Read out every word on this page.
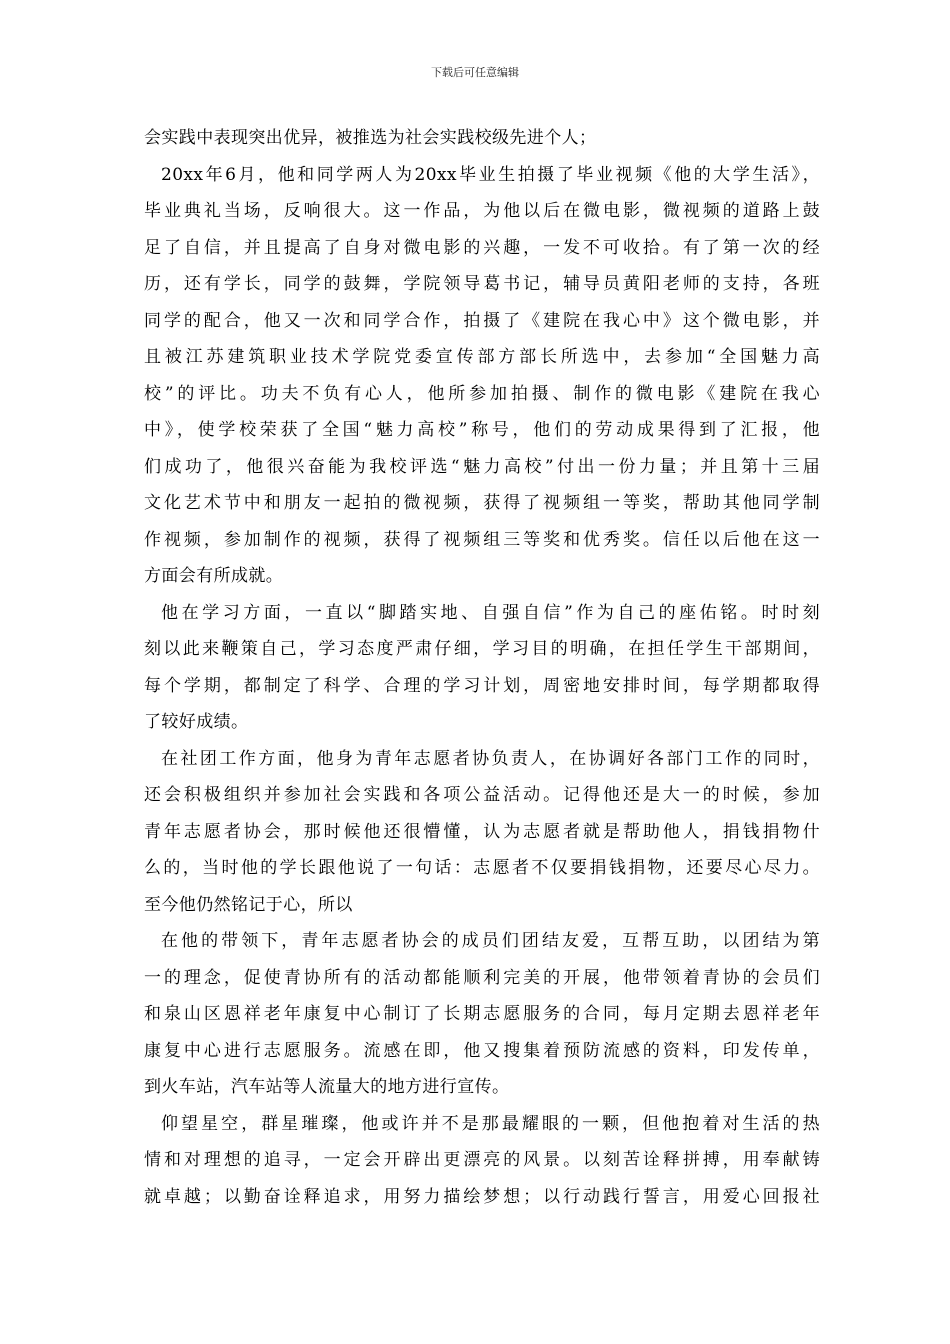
下载后可任意编辑
会实践中表现突出优异，被推选为社会实践校级先进个人；
20xx年6月，他和同学两人为20xx毕业生拍摄了毕业视频《他的大学生活》，
毕业典礼当场，反响很大。这一作品，为他以后在微电影，微视频的道路上鼓
足了自信，并且提高了自身对微电影的兴趣，一发不可收拾。有了第一次的经
历，还有学长，同学的鼓舞，学院领导葛书记，辅导员黄阳老师的支持，各班
同学的配合，他又一次和同学合作，拍摄了《建院在我心中》这个微电影，并
且被江苏建筑职业技术学院党委宣传部方部长所选中，去参加“全国魅力高
校”的评比。功夫不负有心人，他所参加拍摄、制作的微电影《建院在我心
中》，使学校荣获了全国“魅力高校”称号，他们的劳动成果得到了汇报，他
们成功了，他很兴奋能为我校评选“魅力高校”付出一份力量；并且第十三届
文化艺术节中和朋友一起拍的微视频，获得了视频组一等奖，帮助其他同学制
作视频，参加制作的视频，获得了视频组三等奖和优秀奖。信任以后他在这一
方面会有所成就。
他在学习方面，一直以“脚踏实地、自强自信”作为自己的座佑铭。时时刻
刻以此来鞭策自己，学习态度严肃仔细，学习目的明确，在担任学生干部期间，
每个学期，都制定了科学、合理的学习计划，周密地安排时间，每学期都取得
了较好成绩。
在社团工作方面，他身为青年志愿者协负责人，在协调好各部门工作的同时，
还会积极组织并参加社会实践和各项公益活动。记得他还是大一的时候，参加
青年志愿者协会，那时候他还很懵懂，认为志愿者就是帮助他人，捐钱捐物什
么的，当时他的学长跟他说了一句话：志愿者不仅要捐钱捐物，还要尽心尽力。
至今他仍然铭记于心，所以
在他的带领下，青年志愿者协会的成员们团结友爱，互帮互助，以团结为第
一的理念，促使青协所有的活动都能顺利完美的开展，他带领着青协的会员们
和泉山区恩祥老年康复中心制订了长期志愿服务的合同，每月定期去恩祥老年
康复中心进行志愿服务。流感在即，他又搜集着预防流感的资料，印发传单，
到火车站，汽车站等人流量大的地方进行宣传。
仰望星空，群星璀璨，他或许并不是那最耀眼的一颗，但他抱着对生活的热
情和对理想的追寻，一定会开辟出更漂亮的风景。以刻苦诠释拼搏，用奉献铸
就卓越；以勤奋诠释追求，用努力描绘梦想；以行动践行誓言，用爱心回报社
